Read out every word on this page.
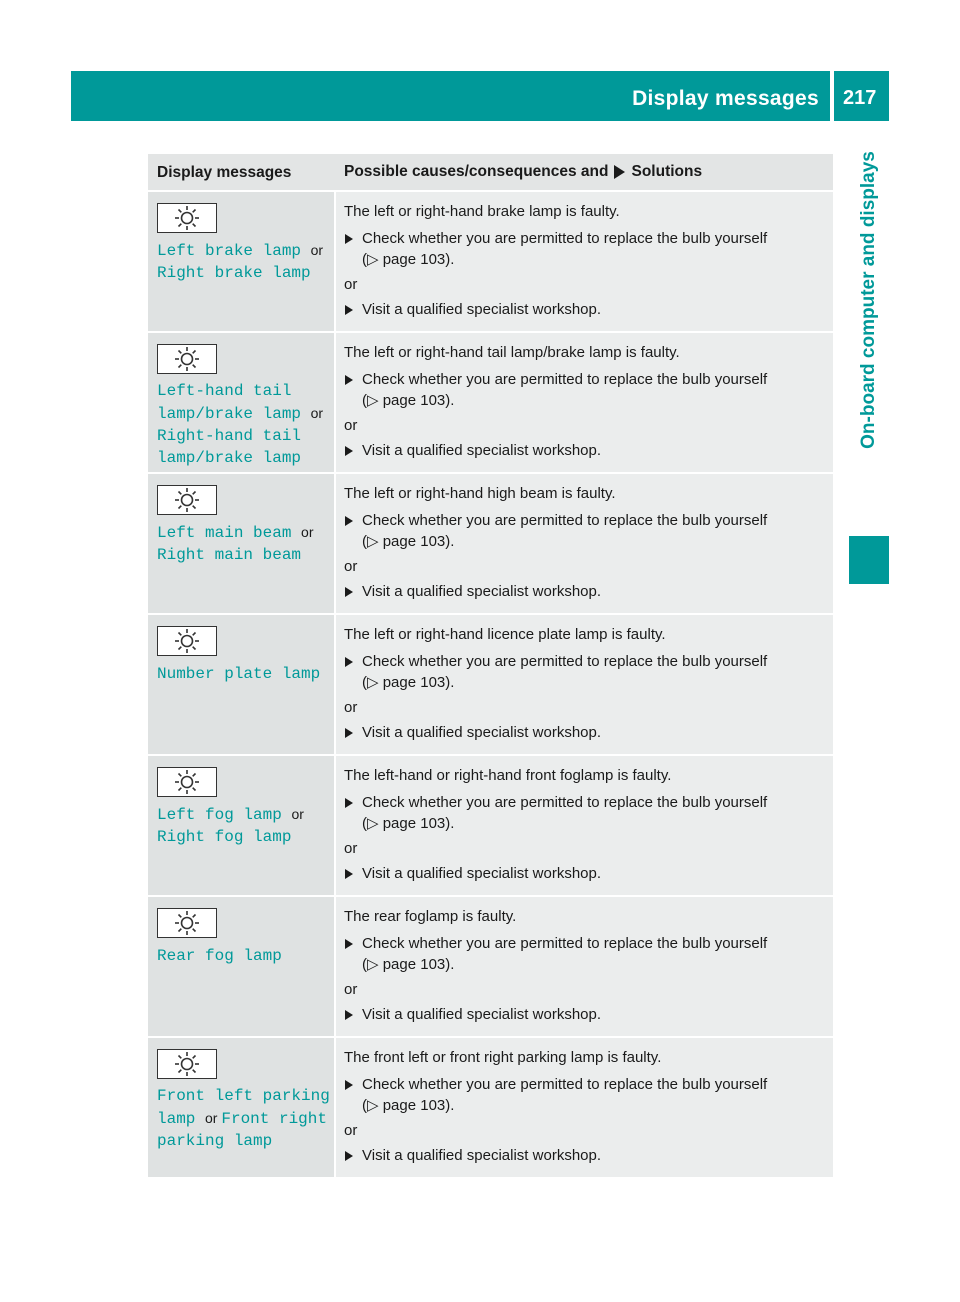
Display messages 217
On-board computer and displays
Display messages	Possible causes/consequences and Solutions
Left brake lamp or Right brake lamp
The left or right-hand brake lamp is faulty.
Check whether you are permitted to replace the bulb yourself
(▷ page 103).
or
Visit a qualified specialist workshop.
Left-hand tail lamp/brake lamp or Right-hand tail lamp/brake lamp
The left or right-hand tail lamp/brake lamp is faulty.
Check whether you are permitted to replace the bulb yourself
(▷ page 103).
or
Visit a qualified specialist workshop.
Left main beam or Right main beam
The left or right-hand high beam is faulty.
Check whether you are permitted to replace the bulb yourself
(▷ page 103).
or
Visit a qualified specialist workshop.
Number plate lamp
The left or right-hand licence plate lamp is faulty.
Check whether you are permitted to replace the bulb yourself
(▷ page 103).
or
Visit a qualified specialist workshop.
Left fog lamp or Right fog lamp
The left-hand or right-hand front foglamp is faulty.
Check whether you are permitted to replace the bulb yourself
(▷ page 103).
or
Visit a qualified specialist workshop.
Rear fog lamp
The rear foglamp is faulty.
Check whether you are permitted to replace the bulb yourself
(▷ page 103).
or
Visit a qualified specialist workshop.
Front left parking lamp or Front right parking lamp
The front left or front right parking lamp is faulty.
Check whether you are permitted to replace the bulb yourself
(▷ page 103).
or
Visit a qualified specialist workshop.
